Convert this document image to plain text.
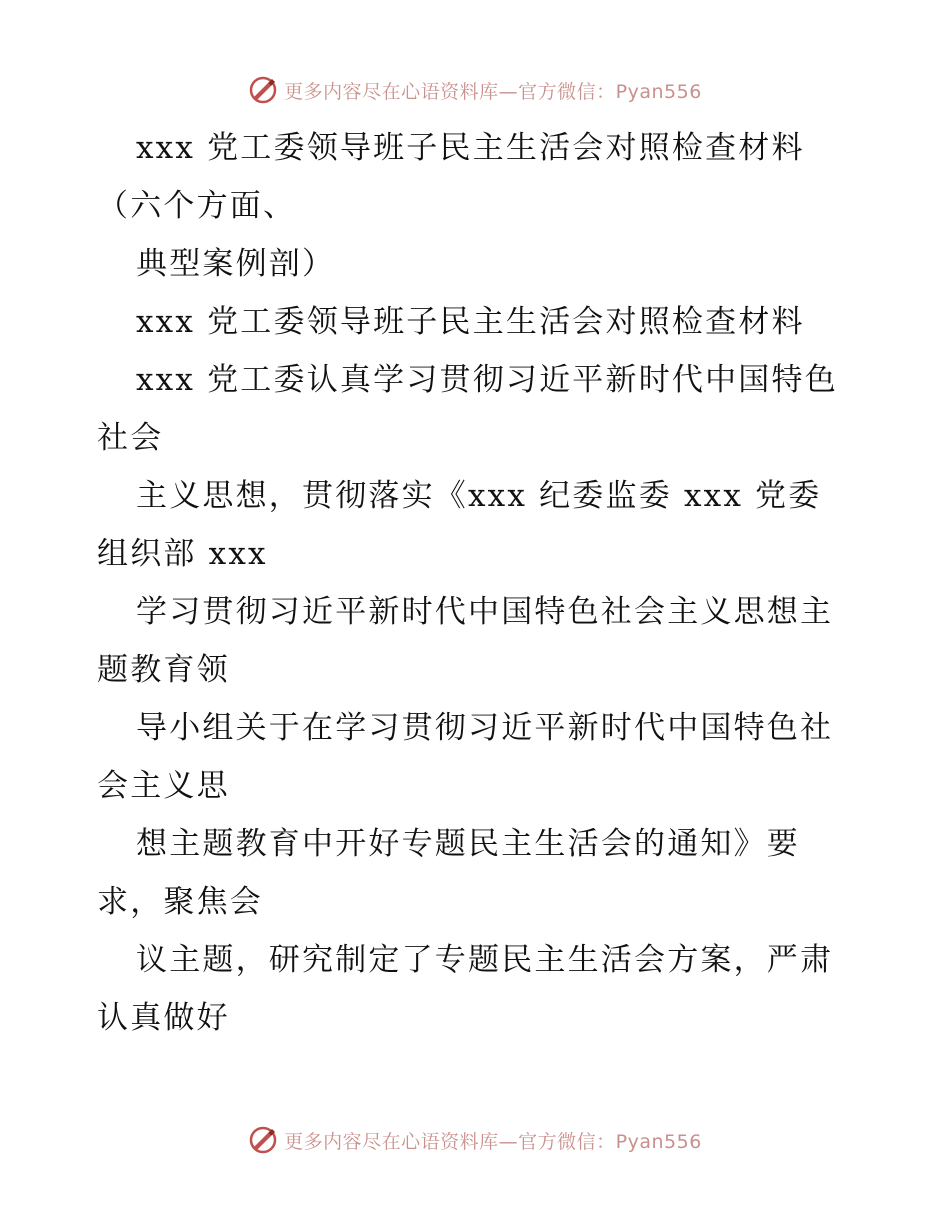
更多内容尽在心语资料库—官方微信：Pyan556
xxx 党工委领导班子民主生活会对照检查材料
（六个方面、
典型案例剖）
xxx 党工委领导班子民主生活会对照检查材料
xxx 党工委认真学习贯彻习近平新时代中国特色
社会
主义思想，贯彻落实《xxx 纪委监委 xxx 党委
组织部 xxx
学习贯彻习近平新时代中国特色社会主义思想主
题教育领
导小组关于在学习贯彻习近平新时代中国特色社
会主义思
想主题教育中开好专题民主生活会的通知》要
求，聚焦会
议主题，研究制定了专题民主生活会方案，严肃
认真做好
更多内容尽在心语资料库—官方微信：Pyan556
